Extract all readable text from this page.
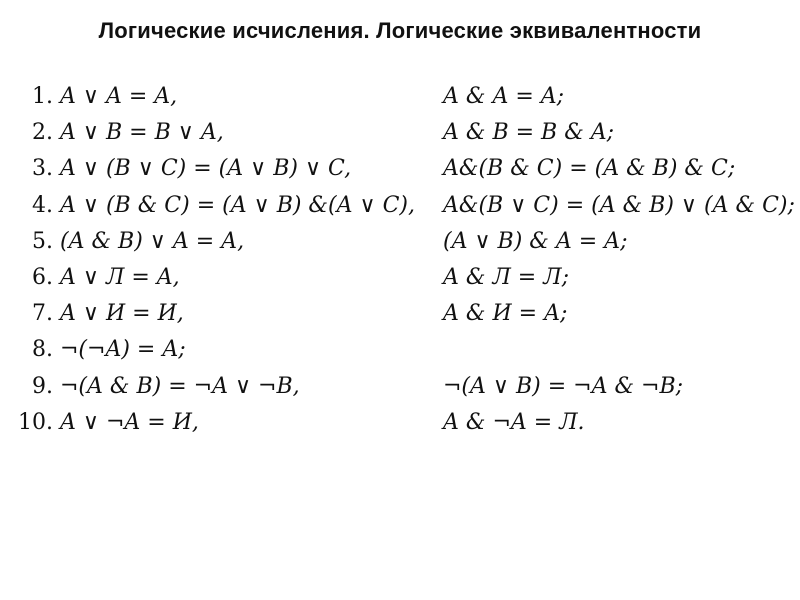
Логические исчисления. Логические эквивалентности
1. A ∨ A = A,	A & A = A;
2. A ∨ B = B ∨ A,	A & B = B & A;
3. A ∨ (B ∨ C) = (A ∨ B) ∨ C,	A&(B & C) = (A & B) & C;
4. A ∨ (B & C) = (A ∨ B) &(A ∨ C), A&(B ∨ C) = (A & B) ∨ (A & C);
5. (A & B) ∨ A = A,	(A ∨ B) & A = A;
6. A ∨ Л = A,	A & Л = Л;
7. A ∨ И = И,	A & И = A;
8. ¬(¬A) = A;
9. ¬(A & B) = ¬A ∨ ¬B,	¬(A ∨ B) = ¬A & ¬B;
10. A ∨ ¬A = И,	A & ¬A = Л.
